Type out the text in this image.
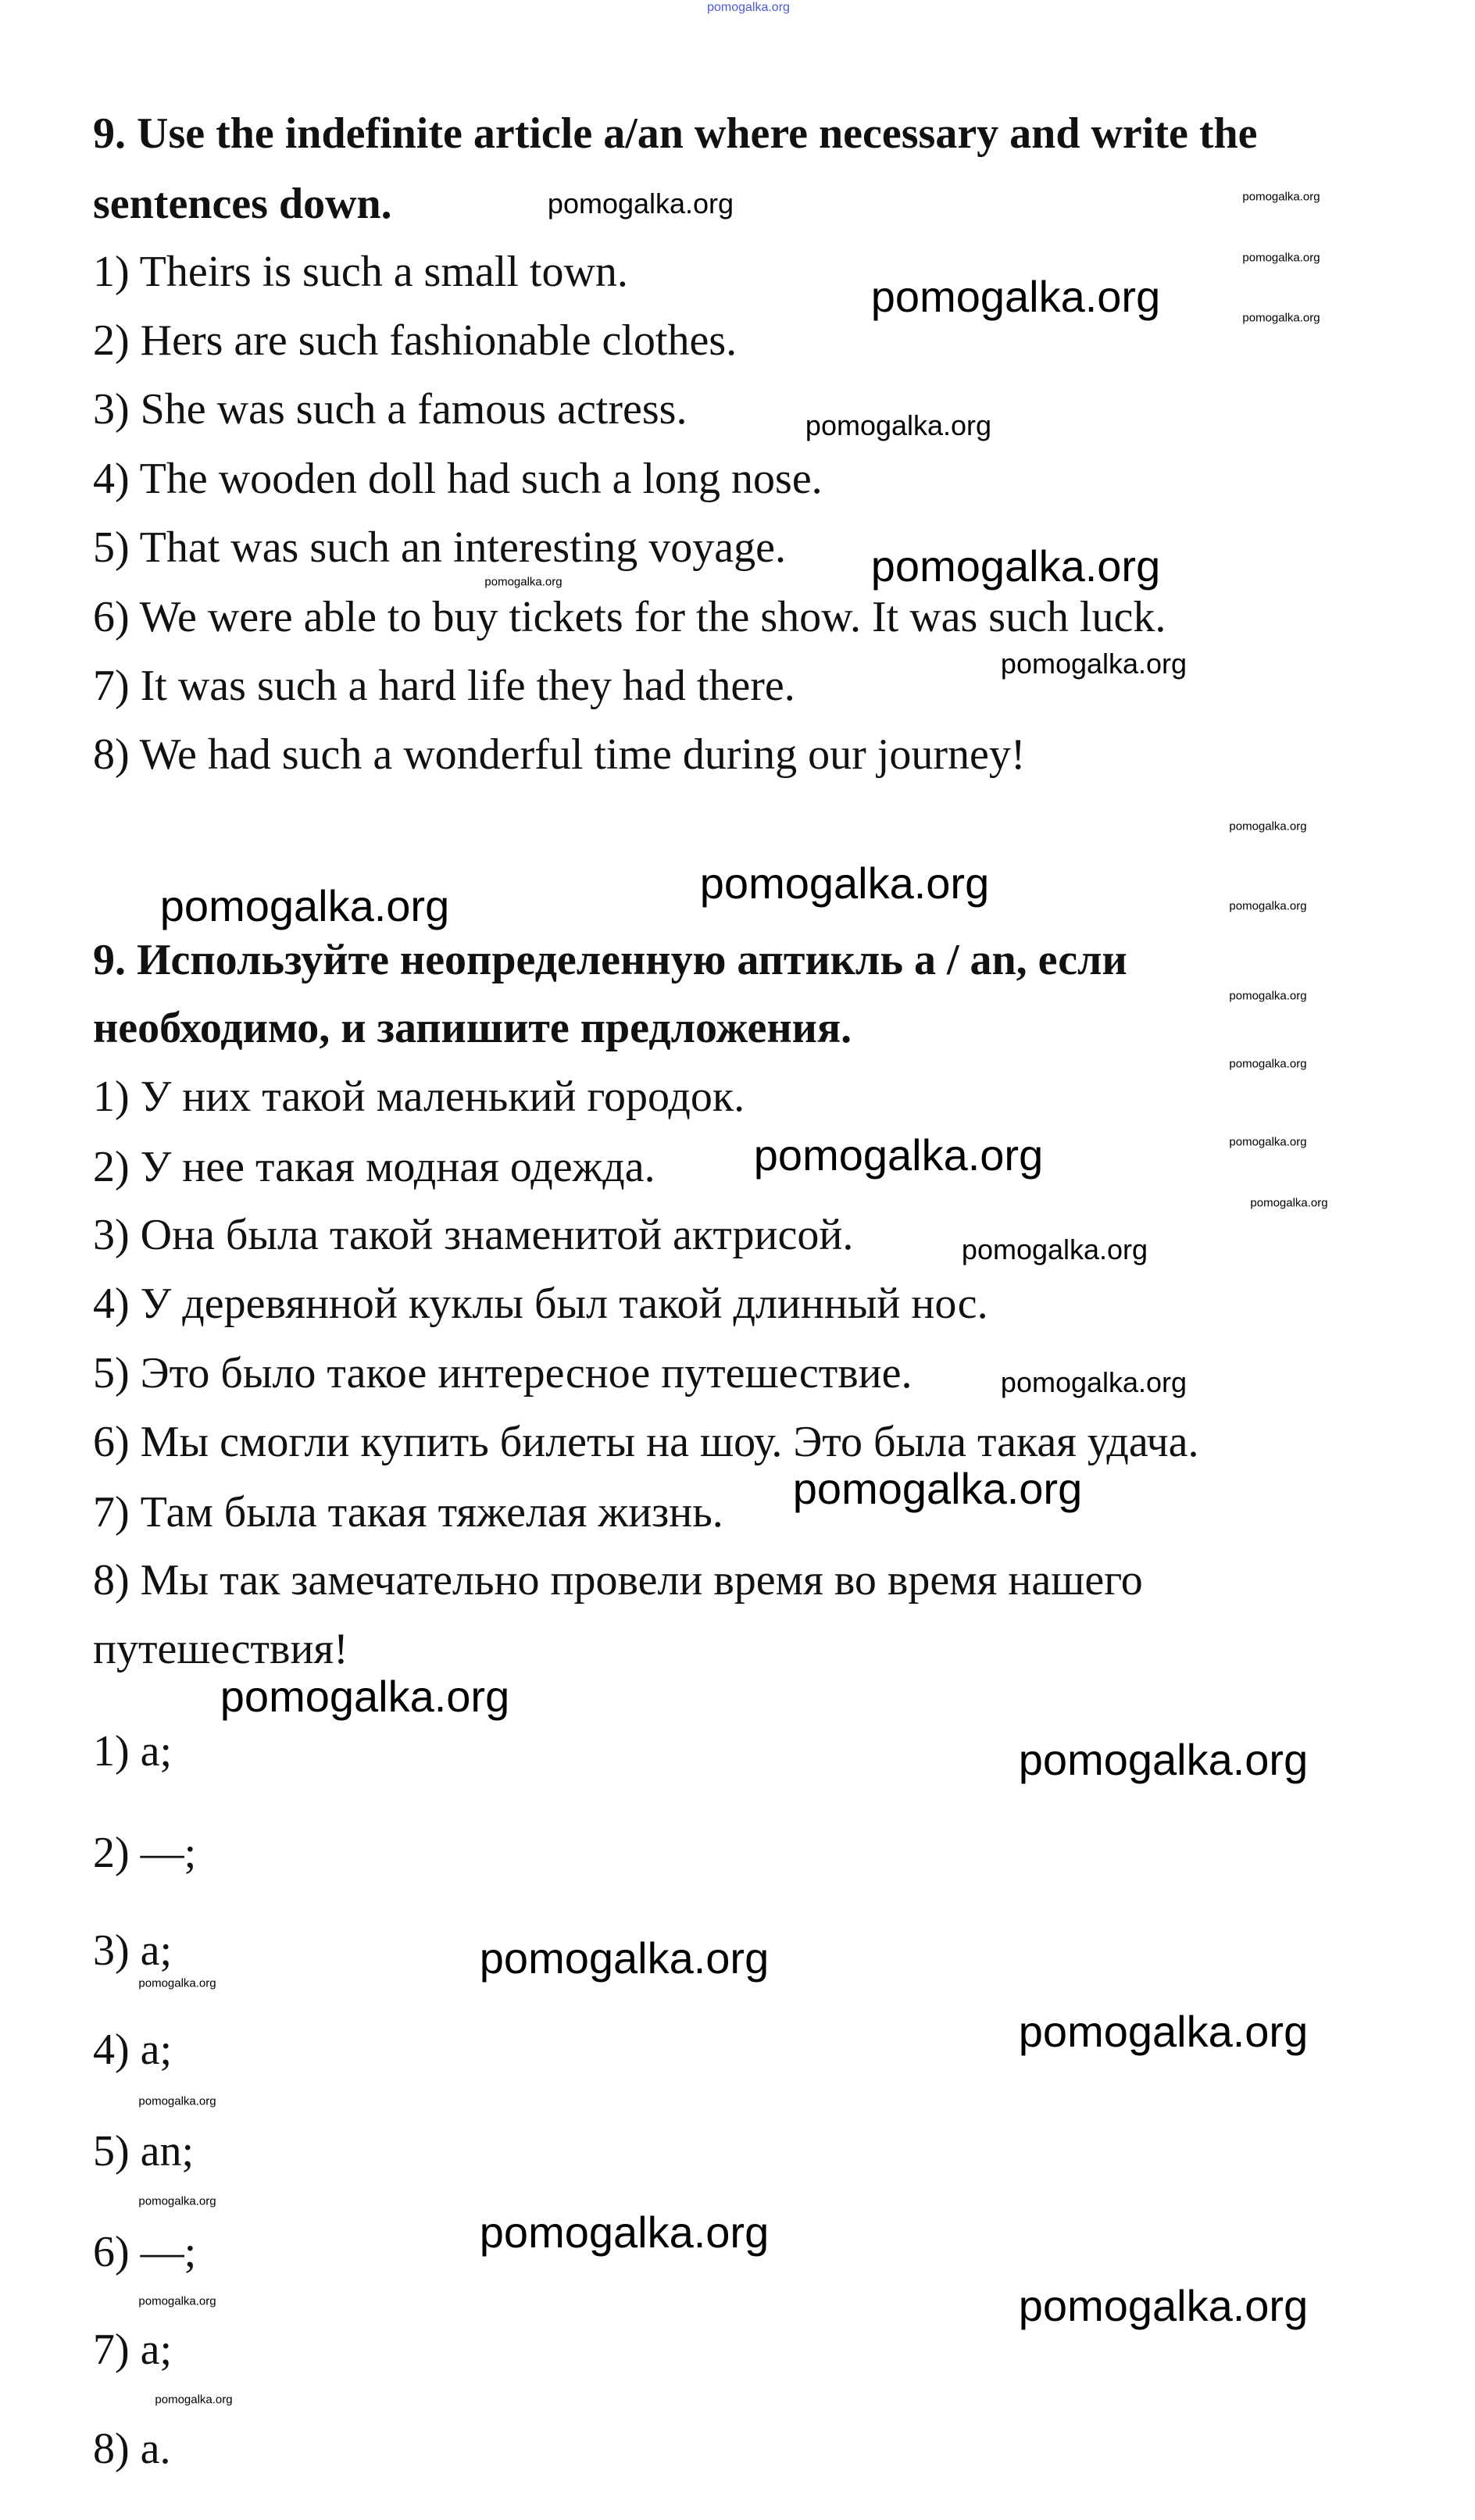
9. Use the indefinite article a/an where necessary and write the
sentences down.
1) Theirs is such a small town.
2) Hers are such fashionable clothes.
3) She was such a famous actress.
4) The wooden doll had such a long nose.
5) That was such an interesting voyage.
6) We were able to buy tickets for the show. It was such luck.
7) It was such a hard life they had there.
8) We had such a wonderful time during our journey!
9. Используйте неопределенную аптикль a / an, если
необходимо, и запишите предложения.
1) У них такой маленький городок.
2) У нее такая модная одежда.
3) Она была такой знаменитой актрисой.
4) У деревянной куклы был такой длинный нос.
5) Это было такое интересное путешествие.
6) Мы смогли купить билеты на шоу. Это была такая удача.
7) Там была такая тяжелая жизнь.
8) Мы так замечательно провели время во время нашего
путешествия!
1) a;
2) —;
3) a;
4) a;
5) an;
6) —;
7) a;
8) a.
pomogalka.org
pomogalka.org
pomogalka.org
pomogalka.org
pomogalka.org
pomogalka.org
pomogalka.org
pomogalka.org
pomogalka.org
pomogalka.org
pomogalka.org
pomogalka.org
pomogalka.org
pomogalka.org
pomogalka.org
pomogalka.org
pomogalka.org
pomogalka.org
pomogalka.org
pomogalka.org
pomogalka.org
pomogalka.org
pomogalka.org
pomogalka.org
pomogalka.org
pomogalka.org
pomogalka.org
pomogalka.org
pomogalka.org
pomogalka.org
pomogalka.org
pomogalka.org
pomogalka.org
